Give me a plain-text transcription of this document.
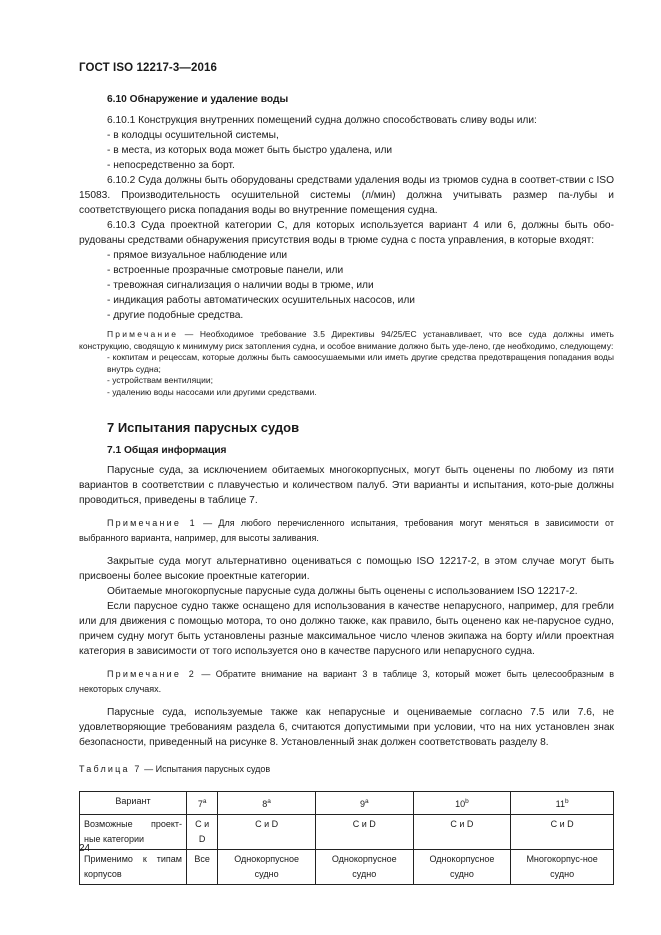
ГОСТ ISO 12217-3—2016
6.10 Обнаружение и удаление воды

6.10.1 Конструкция внутренних помещений судна должно способствовать сливу воды или:

- в колодцы осушительной системы,

- в места, из которых вода может быть быстро удалена, или

- непосредственно за борт.

6.10.2 Суда должны быть оборудованы средствами удаления воды из трюмов судна в соответ-ствии с ISO 15083. Производительность осушительной системы (л/мин) должна учитывать размер па-лубы и соответствующего риска попадания воды во внутренние помещения судна.

6.10.3 Суда проектной категории С, для которых используется вариант 4 или 6, должны быть обо-рудованы средствами обнаружения присутствия воды в трюме судна с поста управления, в которые входят:

- прямое визуальное наблюдение или

- встроенные прозрачные смотровые панели, или

- тревожная сигнализация о наличии воды в трюме, или

- индикация работы автоматических осушительных насосов, или

- другие подобные средства.

Примечание — Необходимое требование 3.5 Директивы 94/25/ЕС устанавливает, что все суда должны иметь конструкцию, сводящую к минимуму риск затопления судна, и особое внимание должно быть уде-лено, где необходимо, следующему:

- кокпитам и рецессам, которые должны быть самоосушаемыми или иметь другие средства предотвращения попадания воды внутрь судна;

- устройствам вентиляции;

- удалению воды насосами или другими средствами.

7 Испытания парусных судов
7.1 Общая информация

Парусные суда, за исключением обитаемых многокорпусных, могут быть оценены по любому из пяти вариантов в соответствии с плавучестью и количеством палуб. Эти варианты и испытания, кото-рые должны проводиться, приведены в таблице 7.

Примечание 1 — Для любого перечисленного испытания, требования могут меняться в зависимости от выбранного варианта, например, для высоты заливания.

Закрытые суда могут альтернативно оцениваться с помощью ISO 12217-2, в этом случае могут быть присвоены более высокие проектные категории.

Обитаемые многокорпусные парусные суда должны быть оценены с использованием ISO 12217-2.

Если парусное судно также оснащено для использования в качестве непарусного, например, для гребли или для движения с помощью мотора, то оно должно также, как правило, быть оценено как не-парусное судно, причем судну могут быть установлены разные максимальное число членов экипажа на борту и/или проектная категория в зависимости от того используется оно в качестве парусного или непарусного судна.

Примечание 2 — Обратите внимание на вариант 3 в таблице 3, который может быть целесообразным в некоторых случаях.

Парусные суда, используемые также как непарусные и оцениваемые согласно 7.5 или 7.6, не удовлетворяющие требованиям раздела 6, считаются допустимыми при условии, что на них установлен знак безопасности, приведенный на рисунке 8. Установленный знак должен соответствовать разделу 8.

Таблица 7 — Испытания парусных судов
Вариант	$7^а$	$8^а$	$9^а$	10$^b$	11$^b$
Возможные проект-ные категории	С и D	С и D	С и D	С и D	С и D
Применимо к типам корпусов	Все	Однокорпусное судно	Однокорпусное судно	Однокорпусное судно	Многокорпус-ное судно
24
